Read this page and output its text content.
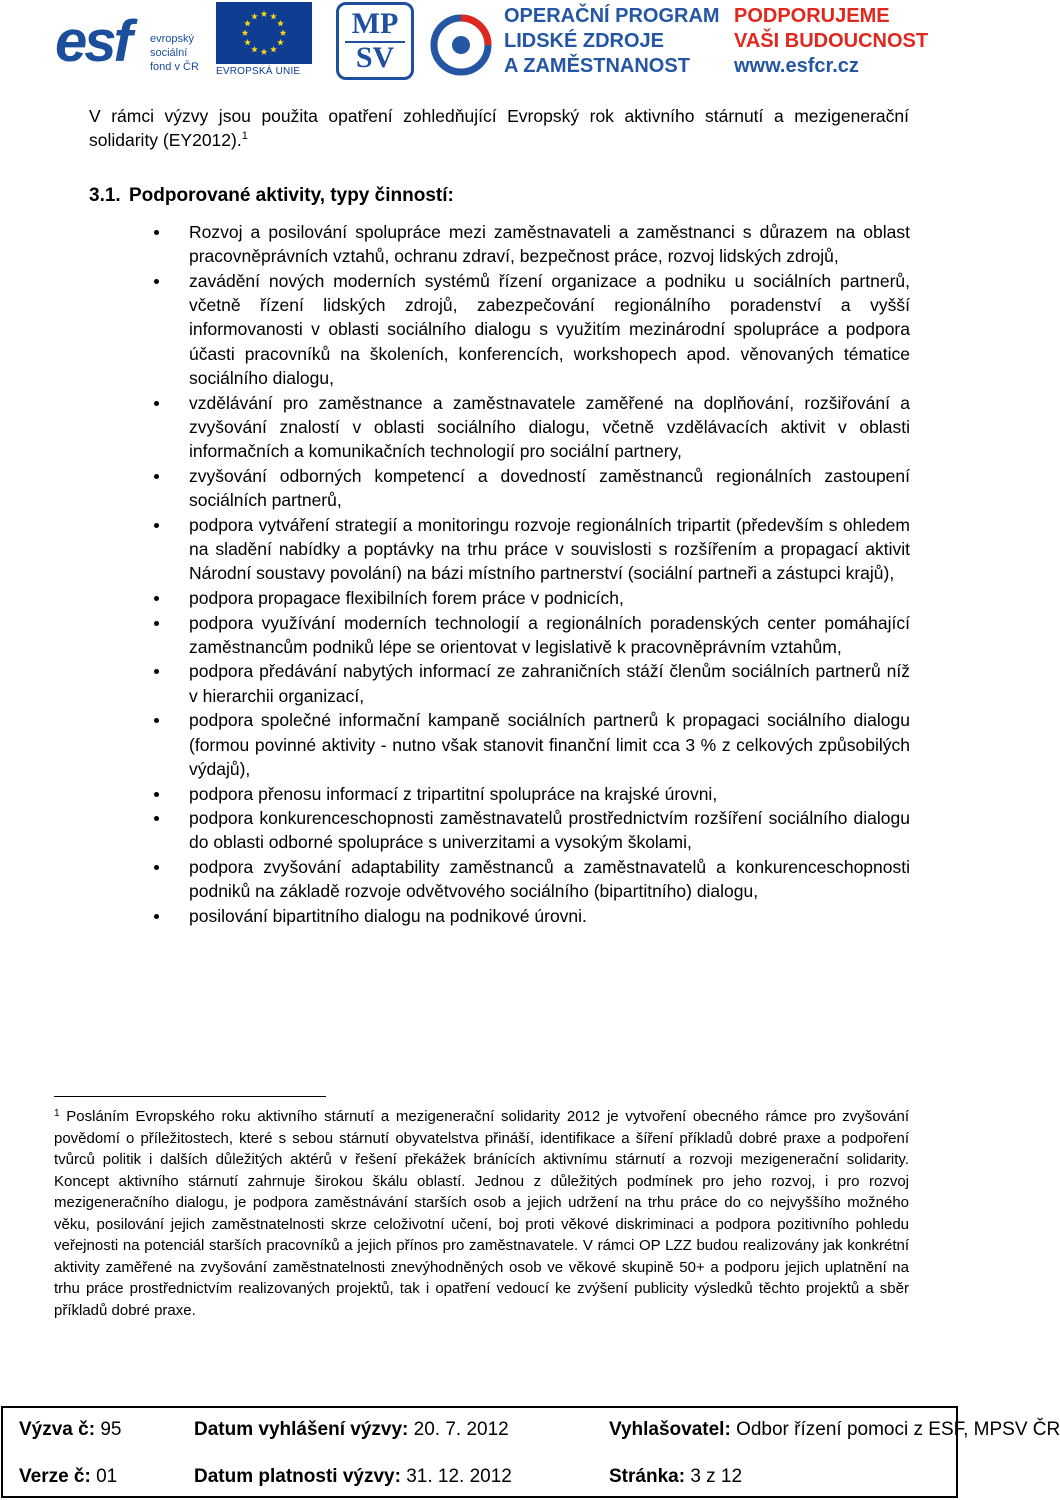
esf evropský
sociální
fond v ČR EVROPSKÁ UNIE
MP
SV
OPERAČNÍ PROGRAM
LIDSKÉ ZDROJE
A ZAMĚSTNANOST
PODPORUJEME
VAŠI BUDOUCNOST
www.esfcr.cz

V rámci výzvy jsou použita opatření zohledňující Evropský rok aktivního stárnutí a mezigenerační solidarity (EY2012).$^1$

3.1. Podporované aktivity, typy činností:
Rozvoj a posilování spolupráce mezi zaměstnavateli a zaměstnanci s důrazem na oblast pracovněprávních vztahů, ochranu zdraví, bezpečnost práce, rozvoj lidských zdrojů,
zavádění nových moderních systémů řízení organizace a podniku u sociálních partnerů, včetně řízení lidských zdrojů, zabezpečování regionálního poradenství a vyšší informovanosti v oblasti sociálního dialogu s využitím mezinárodní spolupráce a podpora účasti pracovníků na školeních, konferencích, workshopech apod. věnovaných tématice sociálního dialogu,
vzdělávání pro zaměstnance a zaměstnavatele zaměřené na doplňování, rozšiřování a zvyšování znalostí v oblasti sociálního dialogu, včetně vzdělávacích aktivit v oblasti informačních a komunikačních technologií pro sociální partnery,
zvyšování odborných kompetencí a dovedností zaměstnanců regionálních zastoupení sociálních partnerů,
podpora vytváření strategií a monitoringu rozvoje regionálních tripartit (především s ohledem na sladění nabídky a poptávky na trhu práce v souvislosti s rozšířením a propagací aktivit Národní soustavy povolání) na bázi místního partnerství (sociální partneři a zástupci krajů),
podpora propagace flexibilních forem práce v podnicích,
podpora využívání moderních technologií a regionálních poradenských center pomáhající zaměstnancům podniků lépe se orientovat v legislativě k pracovněprávním vztahům,
podpora předávání nabytých informací ze zahraničních stáží členům sociálních partnerů níž v hierarchii organizací,
podpora společné informační kampaně sociálních partnerů k propagaci sociálního dialogu (formou povinné aktivity - nutno však stanovit finanční limit cca 3 % z celkových způsobilých výdajů),
podpora přenosu informací z tripartitní spolupráce na krajské úrovni,
podpora konkurenceschopnosti zaměstnavatelů prostřednictvím rozšíření sociálního dialogu do oblasti odborné spolupráce s univerzitami a vysokým školami,
podpora zvyšování adaptability zaměstnanců a zaměstnavatelů a konkurenceschopnosti podniků na základě rozvoje odvětvového sociálního (bipartitního) dialogu,
posilování bipartitního dialogu na podnikové úrovni.

$^1$ Posláním Evropského roku aktivního stárnutí a mezigenerační solidarity 2012 je vytvoření obecného rámce pro zvyšování povědomí o příležitostech, které s sebou stárnutí obyvatelstva přináší, identifikace a šíření příkladů dobré praxe a podpoření tvůrců politik i dalších důležitých aktérů v řešení překážek bránících aktivnímu stárnutí a rozvoji mezigenerační solidarity. Koncept aktivního stárnutí zahrnuje širokou škálu oblastí. Jednou z důležitých podmínek pro jeho rozvoj, i pro rozvoj mezigeneračního dialogu, je podpora zaměstnávání starších osob a jejich udržení na trhu práce do co nejvyššího možného věku, posilování jejich zaměstnatelnosti skrze celoživotní učení, boj proti věkové diskriminaci a podpora pozitivního pohledu veřejnosti na potenciál starších pracovníků a jejich přínos pro zaměstnavatele. V rámci OP LZZ budou realizovány jak konkrétní aktivity zaměřené na zvyšování zaměstnatelnosti znevýhodněných osob ve věkové skupině 50+ a podporu jejich uplatnění na trhu práce prostřednictvím realizovaných projektů, tak i opatření vedoucí ke zvýšení publicity výsledků těchto projektů a sběr příkladů dobré praxe.

Výzva č: 95
Verze č: 01
Datum vyhlášení výzvy: 20. 7. 2012
Datum platnosti výzvy: 31. 12. 2012
Vyhlašovatel: Odbor řízení pomoci z ESF, MPSV ČR
Stránka: 3 z 12
